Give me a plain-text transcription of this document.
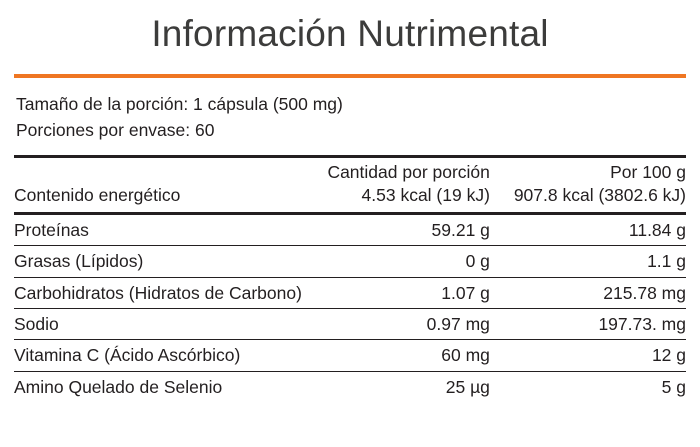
Información Nutrimental
Tamaño de la porción: 1 cápsula (500 mg)
Porciones por envase: 60
	Cantidad por porción	Por 100 g
Contenido energético	4.53 kcal (19 kJ)	907.8 kcal (3802.6 kJ)

Proteínas	59.21 g	11.84 g

Grasas (Lípidos)	0 g	1.1 g

Carbohidratos (Hidratos de Carbono)	1.07 g	215.78 mg

Sodio	0.97 mg	197.73. mg

Vitamina C (Ácido Ascórbico)	60 mg	12 g

Amino Quelado de Selenio	25 µg	5 g
